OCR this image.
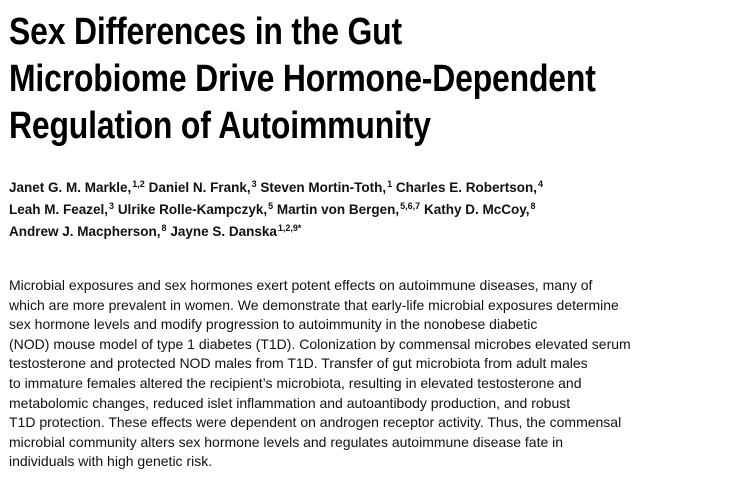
Sex Differences in the Gut
Microbiome Drive Hormone-Dependent
Regulation of Autoimmunity
Janet G. M. Markle,$^{1,2}$ Daniel N. Frank,$^3$ Steven Mortin-Toth,$^1$ Charles E. Robertson,$^4$
Leah M. Feazel,$^3$ Ulrike Rolle-Kampczyk,$^5$ Martin von Bergen,$^{5,6,7}$ Kathy D. McCoy,$^8$
Andrew J. Macpherson,$^8$ Jayne S. Danska$^{1,2,9*}$
Microbial exposures and sex hormones exert potent effects on autoimmune diseases, many of
which are more prevalent in women. We demonstrate that early-life microbial exposures determine
sex hormone levels and modify progression to autoimmunity in the nonobese diabetic
(NOD) mouse model of type 1 diabetes (T1D). Colonization by commensal microbes elevated serum
testosterone and protected NOD males from T1D. Transfer of gut microbiota from adult males
to immature females altered the recipient’s microbiota, resulting in elevated testosterone and
metabolomic changes, reduced islet inflammation and autoantibody production, and robust
T1D protection. These effects were dependent on androgen receptor activity. Thus, the commensal
microbial community alters sex hormone levels and regulates autoimmune disease fate in
individuals with high genetic risk.
